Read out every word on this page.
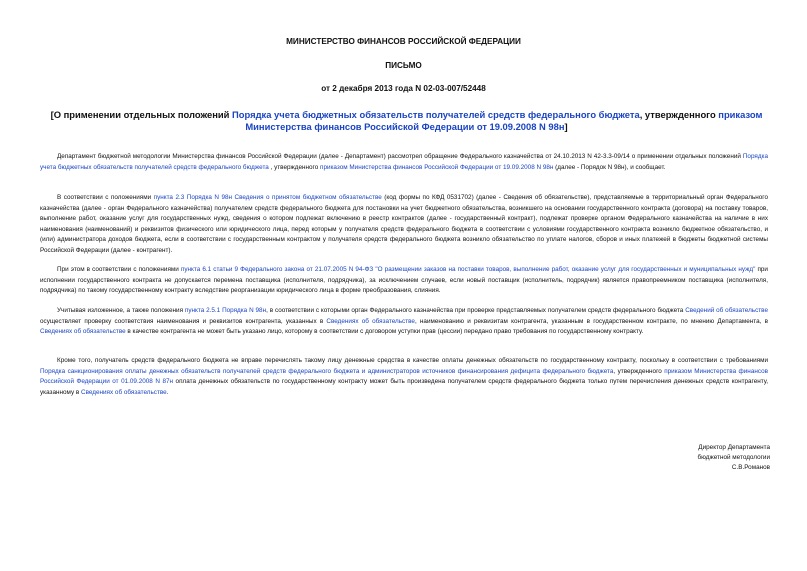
МИНИСТЕРСТВО ФИНАНСОВ РОССИЙСКОЙ ФЕДЕРАЦИИ
ПИСЬМО
от 2 декабря 2013 года N 02-03-007/52448
[О применении отдельных положений Порядка учета бюджетных обязательств получателей средств федерального бюджета, утвержденного приказом Министерства финансов Российской Федерации от 19.09.2008 N 98н]
Департамент бюджетной методологии Министерства финансов Российской Федерации (далее - Департамент) рассмотрел обращение Федерального казначейства от 24.10.2013 N 42-3.3-09/14 о применении отдельных положений Порядка учета бюджетных обязательств получателей средств федерального бюджета , утвержденного приказом Министерства финансов Российской Федерации от 19.09.2008 N 98н (далее - Порядок N 98н), и сообщает.
В соответствии с положениями пункта 2.3 Порядка N 98н Сведения о принятом бюджетном обязательстве (код формы по КФД 0531702) (далее - Сведения об обязательстве), представляемые в территориальный орган Федерального казначейства (далее - орган Федерального казначейства) получателем средств федерального бюджета для постановки на учет бюджетного обязательства, возникшего на основании государственного контракта (договора) на поставку товаров, выполнение работ, оказание услуг для государственных нужд, сведения о котором подлежат включению в реестр контрактов (далее - государственный контракт), подлежат проверке органом Федерального казначейства на наличие в них наименования (наименований) и реквизитов физического или юридического лица, перед которым у получателя средств федерального бюджета в соответствии с условиями государственного контракта возникло бюджетное обязательство, и (или) администратора доходов бюджета, если в соответствии с государственным контрактом у получателя средств федерального бюджета возникло обязательство по уплате налогов, сборов и иных платежей в бюджеты бюджетной системы Российской Федерации (далее - контрагент).
При этом в соответствии с положениями пункта 6.1 статьи 9 Федерального закона от 21.07.2005 N 94-ФЗ "О размещении заказов на поставки товаров, выполнение работ, оказание услуг для государственных и муниципальных нужд" при исполнении государственного контракта не допускается перемена поставщика (исполнителя, подрядчика), за исключением случаев, если новый поставщик (исполнитель, подрядчик) является правопреемником поставщика (исполнителя, подрядчика) по такому государственному контракту вследствие реорганизации юридического лица в форме преобразования, слияния.
Учитывая изложенное, а также положения пункта 2.5.1 Порядка N 98н, в соответствии с которыми орган Федерального казначейства при проверке представляемых получателем средств федерального бюджета Сведений об обязательстве осуществляет проверку соответствия наименования и реквизитов контрагента, указанных в Сведениях об обязательстве, наименованию и реквизитам контрагента, указанным в государственном контракте, по мнению Департамента, в Сведениях об обязательстве в качестве контрагента не может быть указано лицо, которому в соответствии с договором уступки прав (цессии) передано право требования по государственному контракту.
Кроме того, получатель средств федерального бюджета не вправе перечислять такому лицу денежные средства в качестве оплаты денежных обязательств по государственному контракту, поскольку в соответствии с требованиями Порядка санкционирования оплаты денежных обязательств получателей средств федерального бюджета и администраторов источников финансирования дефицита федерального бюджета, утвержденного приказом Министерства финансов Российской Федерации от 01.09.2008 N 87н оплата денежных обязательств по государственному контракту может быть произведена получателем средств федерального бюджета только путем перечисления денежных средств контрагенту, указанному в Сведениях об обязательстве.
Директор Департамента
бюджетной методологии
С.В.Романов
